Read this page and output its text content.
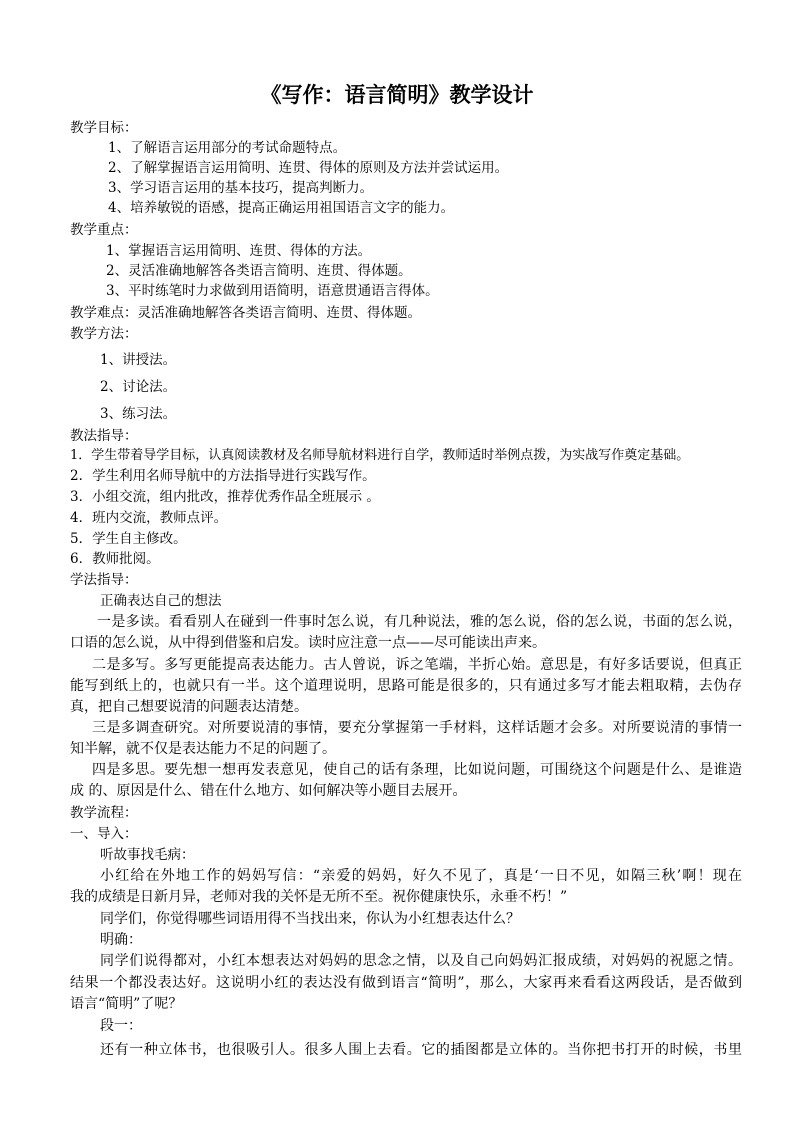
《写作：语言简明》教学设计
教学目标：
1、了解语言运用部分的考试命题特点。
2、了解掌握语言运用简明、连贯、得体的原则及方法并尝试运用。
3、学习语言运用的基本技巧，提高判断力。
4、培养敏锐的语感，提高正确运用祖国语言文字的能力。
教学重点：
1、掌握语言运用简明、连贯、得体的方法。
2、灵活准确地解答各类语言简明、连贯、得体题。
3、平时练笔时力求做到用语简明，语意贯通语言得体。
教学难点：灵活准确地解答各类语言简明、连贯、得体题。
教学方法：
1、讲授法。
2、讨论法。
3、练习法。
教法指导：
1．学生带着导学目标，认真阅读教材及名师导航材料进行自学，教师适时举例点拨，为实战写作奠定基础。
2．学生利用名师导航中的方法指导进行实践写作。
3．小组交流，组内批改，推荐优秀作品全班展示 。
4．班内交流，教师点评。
5．学生自主修改。
6．教师批阅。
学法指导：
正确表达自己的想法
一是多读。看看别人在碰到一件事时怎么说，有几种说法，雅的怎么说，俗的怎么说，书面的怎么说，
口语的怎么说，从中得到借鉴和启发。读时应注意一点——尽可能读出声来。
二是多写。多写更能提高表达能力。古人曾说，诉之笔端，半折心始。意思是，有好多话要说，但真正
能写到纸上的，也就只有一半。这个道理说明，思路可能是很多的，只有通过多写才能去粗取精，去伪存
真，把自己想要说清的问题表达清楚。
三是多调查研究。对所要说清的事情，要充分掌握第一手材料，这样话题才会多。对所要说清的事情一
知半解，就不仅是表达能力不足的问题了。
四是多思。要先想一想再发表意见，使自己的话有条理，比如说问题，可围绕这个问题是什么、是谁造
成 的、原因是什么、错在什么地方、如何解决等小题目去展开。
教学流程：
一、导入：
听故事找毛病：
小红给在外地工作的妈妈写信：“亲爱的妈妈，好久不见了，真是‘一日不见，如隔三秋’啊！现在
我的成绩是日新月异，老师对我的关怀是无所不至。祝你健康快乐，永垂不朽！”
同学们，你觉得哪些词语用得不当找出来，你认为小红想表达什么？
明确：
同学们说得都对，小红本想表达对妈妈的思念之情，以及自己向妈妈汇报成绩，对妈妈的祝愿之情。
结果一个都没表达好。这说明小红的表达没有做到语言“简明”，那么，大家再来看看这两段话，是否做到
语言“简明”了呢？
段一：
还有一种立体书，也很吸引人。很多人围上去看。它的插图都是立体的。当你把书打开的时候，书里
